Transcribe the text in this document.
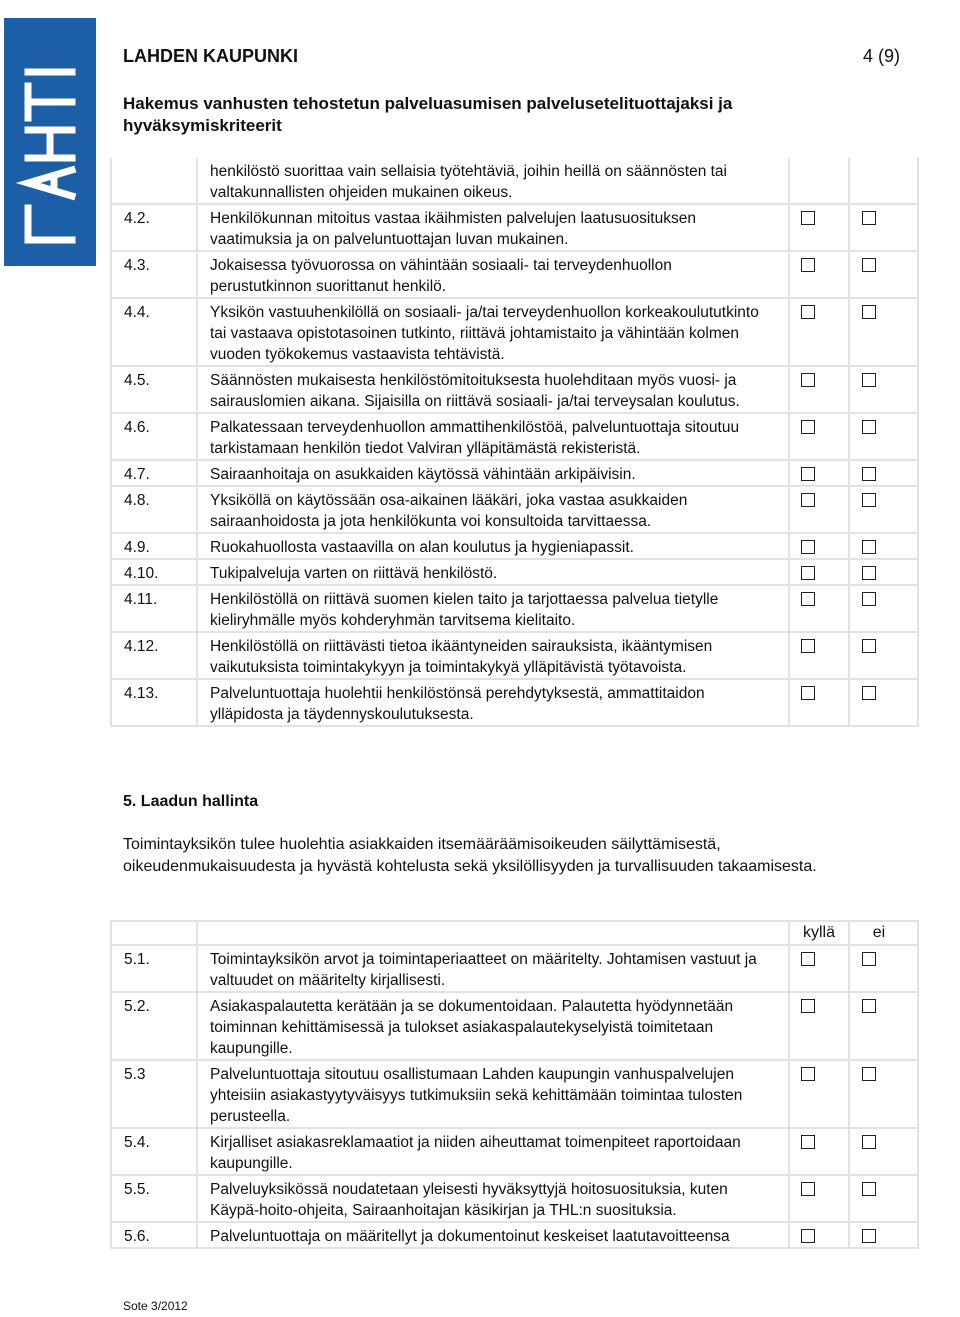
LAHDEN KAUPUNKI	4 (9)
Hakemus vanhusten tehostetun palveluasumisen palvelusetelituottajaksi ja hyväksymiskriteerit
henkilöstö suorittaa vain sellaisia työtehtäviä, joihin heillä on säännösten tai valtakunnallisten ohjeiden mukainen oikeus.
4.2.	Henkilökunnan mitoitus vastaa ikäihmisten palvelujen laatusuosituksen vaatimuksia ja on palveluntuottajan luvan mukainen.
4.3.	Jokaisessa työvuorossa on vähintään sosiaali- tai terveydenhuollon perustutkinnon suorittanut henkilö.
4.4.	Yksikön vastuuhenkilöllä on sosiaali- ja/tai terveydenhuollon korkeakoulututkinto tai vastaava opistotasoinen tutkinto, riittävä johtamistaito ja vähintään kolmen vuoden työkokemus vastaavista tehtävistä.
4.5.	Säännösten mukaisesta henkilöstömitoituksesta huolehditaan myös vuosi- ja sairauslomien aikana. Sijaisilla on riittävä sosiaali- ja/tai terveysalan koulutus.
4.6.	Palkatessaan terveydenhuollon ammattihenkilöstöä, palveluntuottaja sitoutuu tarkistamaan henkilön tiedot Valviran ylläpitämästä rekisteristä.
4.7.	Sairaanhoitaja on asukkaiden käytössä vähintään arkipäivisin.
4.8.	Yksiköllä on käytössään osa-aikainen lääkäri, joka vastaa asukkaiden sairaanhoidosta ja jota henkilökunta voi konsultoida tarvittaessa.
4.9.	Ruokahuollosta vastaavilla on alan koulutus ja hygieniapassit.
4.10.	Tukipalveluja varten on riittävä henkilöstö.
4.11.	Henkilöstöllä on riittävä suomen kielen taito ja tarjottaessa palvelua tietylle kieliryhmälle myös kohderyhmän tarvitsema kielitaito.
4.12.	Henkilöstöllä on riittävästi tietoa ikääntyneiden sairauksista, ikääntymisen vaikutuksista toimintakykyyn ja toimintakykyä ylläpitävistä työtavoista.
4.13.	Palveluntuottaja huolehtii henkilöstönsä perehdytyksestä, ammattitaidon ylläpidosta ja täydennyskoulutuksesta.
5. Laadun hallinta
Toimintayksikön tulee huolehtia asiakkaiden itsemääräämisoikeuden säilyttämisestä, oikeudenmukaisuudesta ja hyvästä kohtelusta sekä yksilöllisyyden ja turvallisuuden takaamisesta.
kyllä	ei
5.1.	Toimintayksikön arvot ja toimintaperiaatteet on määritelty. Johtamisen vastuut ja valtuudet on määritelty kirjallisesti.
5.2.	Asiakaspalautetta kerätään ja se dokumentoidaan. Palautetta hyödynnetään toiminnan kehittämisessä ja tulokset asiakaspalautekyselyistä toimitetaan kaupungille.
5.3	Palveluntuottaja sitoutuu osallistumaan Lahden kaupungin vanhuspalvelujen yhteisiin asiakastyytyväisyys tutkimuksiin sekä kehittämään toimintaa tulosten perusteella.
5.4.	Kirjalliset asiakasreklamaatiot ja niiden aiheuttamat toimenpiteet raportoidaan kaupungille.
5.5.	Palveluyksikössä noudatetaan yleisesti hyväksyttyjä hoitosuosituksia, kuten Käypä-hoito-ohjeita, Sairaanhoitajan käsikirjan ja THL:n suosituksia.
5.6.	Palveluntuottaja on määritellyt ja dokumentoinut keskeiset laatutavoitteensa
Sote 3/2012
